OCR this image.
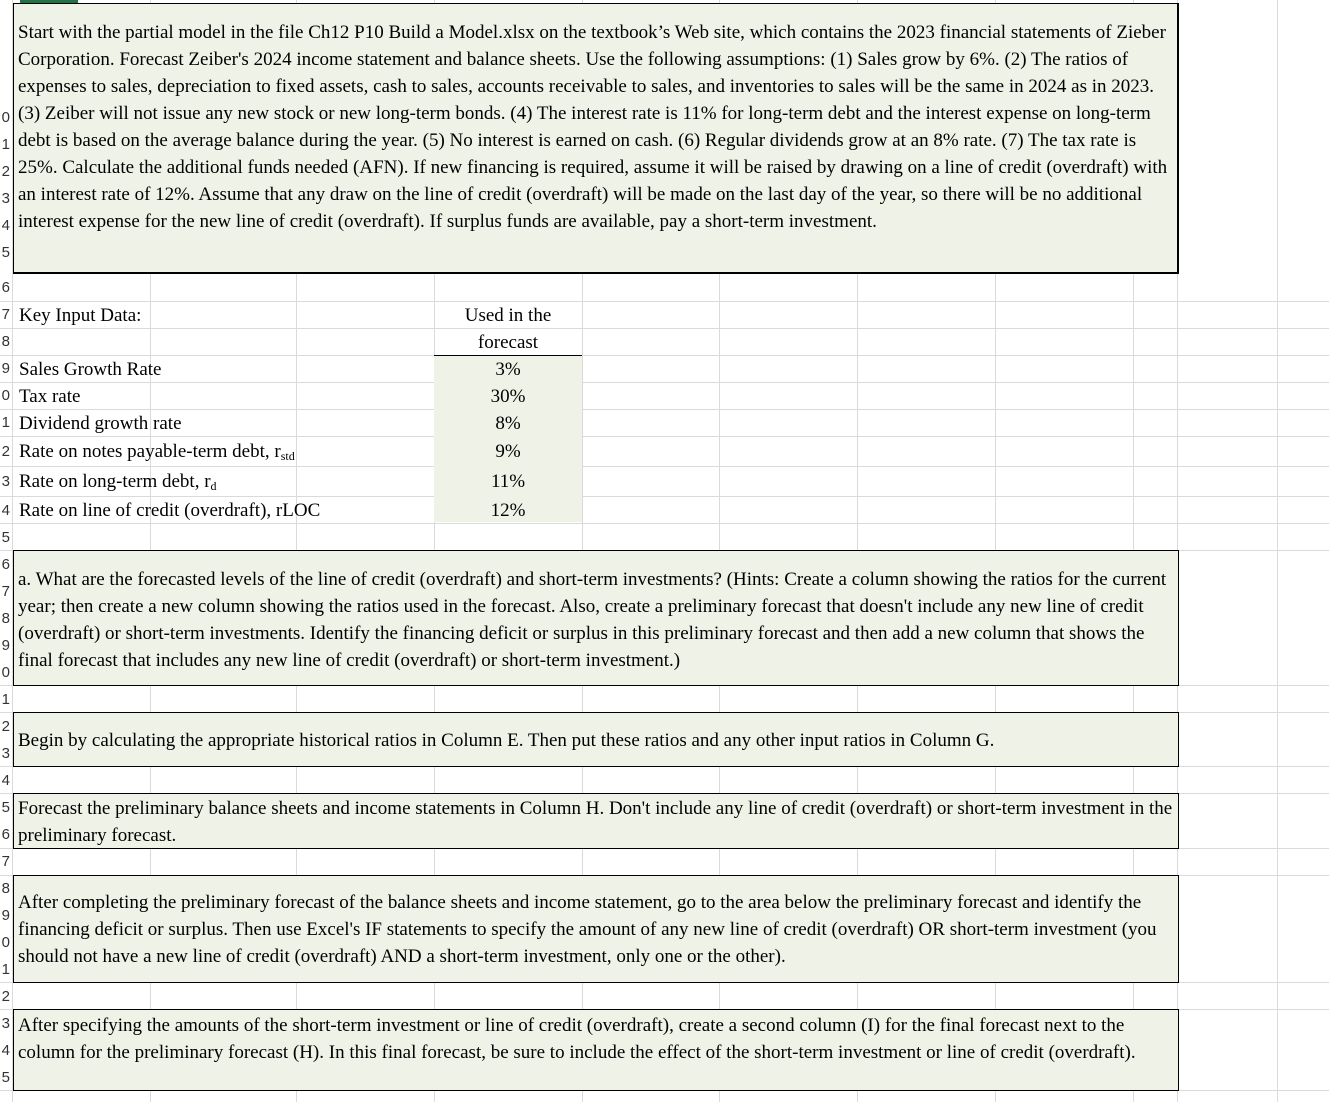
0
1
2
3
4
5
6
7
8
9
0
1
2
3
4
5
6
7
8
9
0
1
2
3
4
5
6
7
8
9
0
1
2
3
4
5
Start with the partial model in the file Ch12 P10 Build a Model.xlsx on the textbook’s Web site, which contains the 2023 financial statements of Zieber Corporation. Forecast Zeiber's 2024 income statement and balance sheets. Use the following assumptions: (1) Sales grow by 6%. (2) The ratios of expenses to sales, depreciation to fixed assets, cash to sales, accounts receivable to sales, and inventories to sales will be the same in 2024 as in 2023. (3) Zeiber will not issue any new stock or new long-term bonds. (4) The interest rate is 11% for long-term debt and the interest expense on long-term debt is based on the average balance during the year. (5) No interest is earned on cash. (6) Regular dividends grow at an 8% rate. (7) The tax rate is 25%. Calculate the additional funds needed (AFN). If new financing is required, assume it will be raised by drawing on a line of credit (overdraft) with an interest rate of 12%. Assume that any draw on the line of credit (overdraft) will be made on the last day of the year, so there will be no additional interest expense for the new line of credit (overdraft). If surplus funds are available, pay a short-term investment.
Key Input Data:	Used in the forecast
Sales Growth Rate	3%
Tax rate	30%
Dividend growth rate	8%
Rate on notes payable-term debt, $r_{std}$	9%
Rate on long-term debt, $r_d$	11%
Rate on line of credit (overdraft), rLOC	12%
a. What are the forecasted levels of the line of credit (overdraft) and short-term investments? (Hints: Create a column showing the ratios for the current year; then create a new column showing the ratios used in the forecast. Also, create a preliminary forecast that doesn't include any new line of credit (overdraft) or short-term investments. Identify the financing deficit or surplus in this preliminary forecast and then add a new column that shows the final forecast that includes any new line of credit (overdraft) or short-term investment.)
Begin by calculating the appropriate historical ratios in Column E. Then put these ratios and any other input ratios in Column G.
Forecast the preliminary balance sheets and income statements in Column H. Don't include any line of credit (overdraft) or short-term investment in the preliminary forecast.
After completing the preliminary forecast of the balance sheets and income statement, go to the area below the preliminary forecast and identify the financing deficit or surplus. Then use Excel's IF statements to specify the amount of any new line of credit (overdraft) OR short-term investment (you should not have a new line of credit (overdraft) AND a short-term investment, only one or the other).
After specifying the amounts of the short-term investment or line of credit (overdraft), create a second column (I) for the final forecast next to the column for the preliminary forecast (H). In this final forecast, be sure to include the effect of the short-term investment or line of credit (overdraft).
